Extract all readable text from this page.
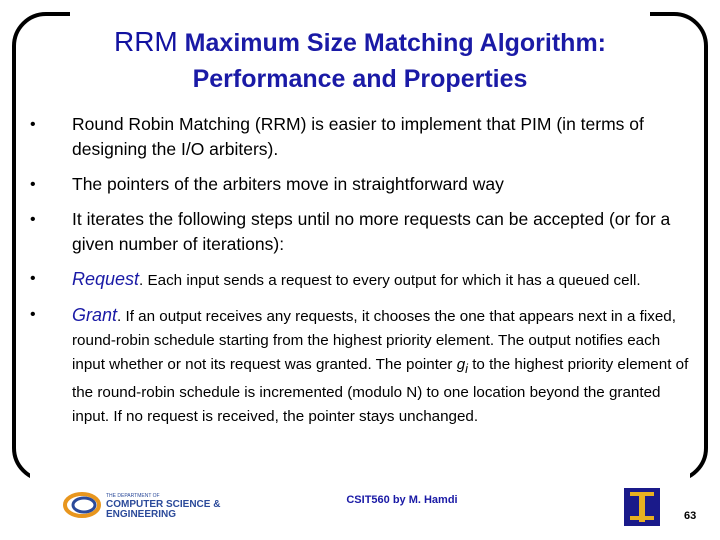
RRM Maximum Size Matching Algorithm:
Performance and Properties
• Round Robin Matching (RRM) is easier to implement that PIM (in terms of designing the I/O arbiters).
• The pointers of the arbiters move in straightforward way
• It iterates the following steps until no more requests can be accepted (or for a given number of iterations):
• Request. Each input sends a request to every output for which it has a queued cell.
• Grant. If an output receives any requests, it chooses the one that appears next in a fixed, round-robin schedule starting from the highest priority element. The output notifies each input whether or not its request was granted. The pointer $g_i$ to the highest priority element of the round-robin schedule is incremented (modulo N) to one location beyond the granted input. If no request is received, the pointer stays unchanged.
THE DEPARTMENT OF
COMPUTER SCIENCE &
ENGINEERING
CSIT560 by M. Hamdi
63
